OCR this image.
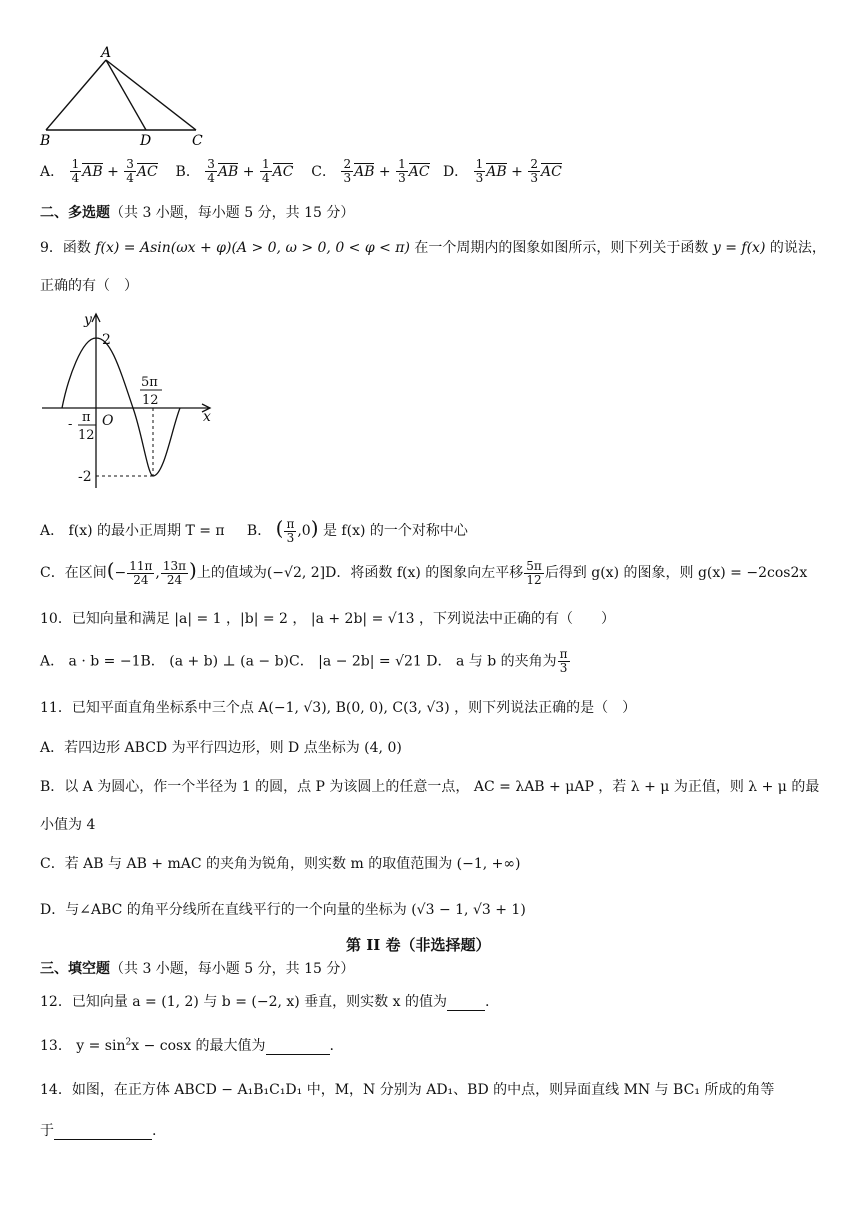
A
B	D	C
A． $\frac{1}{4}$ AB + $\frac{3}{4}$ AC B． $\frac{3}{4}$ AB + $\frac{1}{4}$ AC C． $\frac{2}{3}$ AB + $\frac{1}{3}$ AC D． $\frac{1}{3}$ AB + $\frac{2}{3}$ AC
二、多选题（共 3 小题，每小题 5 分，共 15 分）
9．函数 f(x) = Asin(ωx + φ)(A > 0, ω > 0, 0 < φ < π) 在一个周期内的图象如图所示，则下列关于函数 y = f(x) 的说法，
正确的有（　）
y
x
O
2
-2
5π
12
- π
12
A． f(x) 的最小正周期 T = π B． ( $\frac{\pi}{3} ,0$) 是 f(x) 的一个对称中心
C．在区间(− $\frac{11\pi}{24}$ , $\frac{13\pi}{24}$ )上的值域为(−√2, 2]D．将函数 f(x) 的图象向左平移 $\frac{5\pi}{12}$ 后得到 g(x) 的图象，则 g(x) = −2cos2x
10．已知向量和满足 |a| = 1 ，|b| = 2 ， |a + 2b| = √13 ，下列说法中正确的有（　　）
A． a · b = −1B． (a + b) ⊥ (a − b)C． |a − 2b| = √21 D． a 与 b 的夹角为 $\frac{\pi}{3}$
11．已知平面直角坐标系中三个点 A(−1, √3), B(0, 0), C(3, √3) ，则下列说法正确的是（　）
A．若四边形 ABCD 为平行四边形，则 D 点坐标为 (4, 0)
B．以 A 为圆心，作一个半径为 1 的圆，点 P 为该圆上的任意一点， AC = λAB + μAP ，若 λ + μ 为正值，则 λ + μ 的最
小值为 4
C．若 AB 与 AB + mAC 的夹角为锐角，则实数 m 的取值范围为 (−1, +∞)
D．与∠ABC 的角平分线所在直线平行的一个向量的坐标为 (√3 − 1, √3 + 1)
第 II 卷（非选择题）
三、填空题（共 3 小题，每小题 5 分，共 15 分）
12．已知向量 a = (1, 2) 与 b = (−2, x) 垂直，则实数 x 的值为	.
13． $y = \sin^2x - \cos x$ 的最大值为	.
14．如图，在正方体 ABCD − A₁B₁C₁D₁ 中，M，N 分别为 AD₁、BD 的中点，则异面直线 MN 与 BC₁ 所成的角等
于	.
